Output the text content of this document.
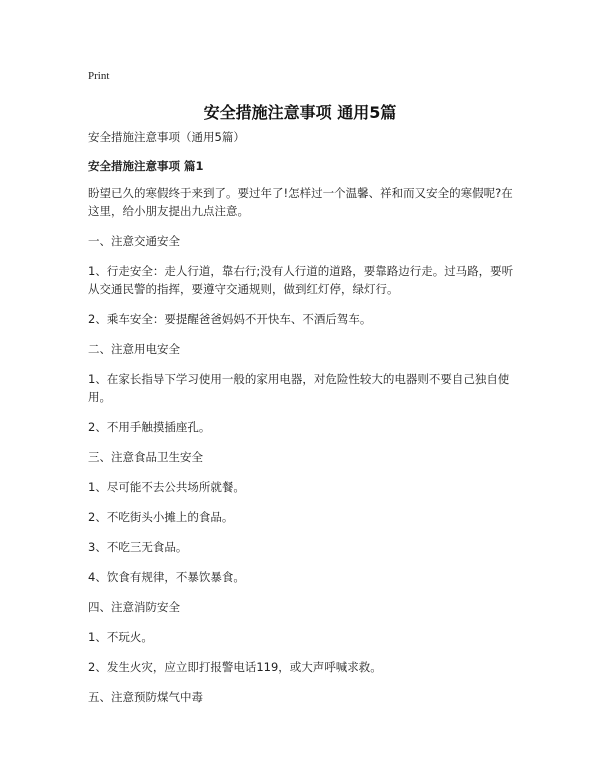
Print
安全措施注意事项 通用5篇

安全措施注意事项（通用5篇）

安全措施注意事项 篇1

盼望已久的寒假终于来到了。要过年了!怎样过一个温馨、祥和而又安全的寒假呢?在这里，给小朋友提出九点注意。

一、注意交通安全

1、行走安全：走人行道，靠右行;没有人行道的道路，要靠路边行走。过马路，要听从交通民警的指挥，要遵守交通规则，做到红灯停，绿灯行。

2、乘车安全：要提醒爸爸妈妈不开快车、不酒后驾车。

二、注意用电安全

1、在家长指导下学习使用一般的家用电器，对危险性较大的电器则不要自己独自使用。

2、不用手触摸插座孔。

三、注意食品卫生安全

1、尽可能不去公共场所就餐。

2、不吃街头小摊上的食品。

3、不吃三无食品。

4、饮食有规律，不暴饮暴食。

四、注意消防安全

1、不玩火。

2、发生火灾，应立即打报警电话119，或大声呼喊求救。

五、注意预防煤气中毒
